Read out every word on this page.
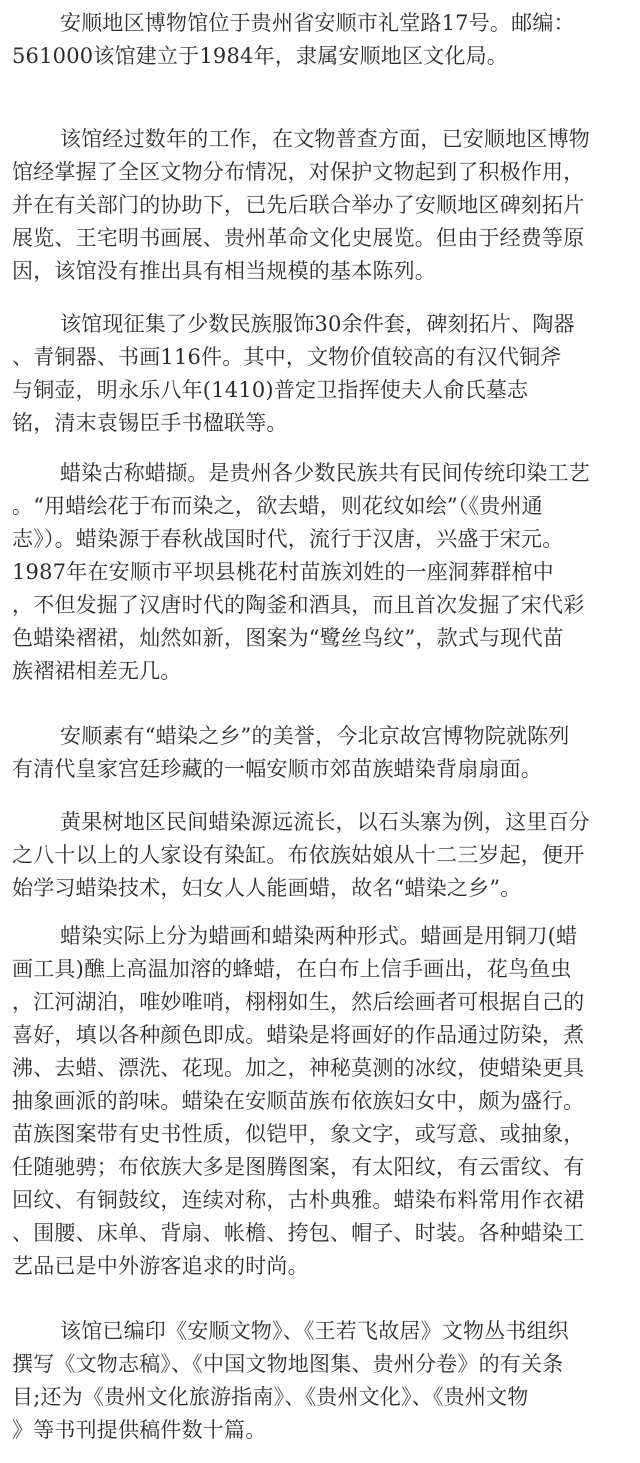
安顺地区博物馆位于贵州省安顺市礼堂路17号。邮编：
561000该馆建立于1984年，隶属安顺地区文化局。
该馆经过数年的工作，在文物普查方面，已安顺地区博物
馆经掌握了全区文物分布情况，对保护文物起到了积极作用，
并在有关部门的协助下，已先后联合举办了安顺地区碑刻拓片
展览、王宅明书画展、贵州革命文化史展览。但由于经费等原
因，该馆没有推出具有相当规模的基本陈列。
该馆现征集了少数民族服饰30余件套，碑刻拓片、陶器
、青铜器、书画116件。其中，文物价值较高的有汉代铜斧
与铜壶，明永乐八年(1410)普定卫指挥使夫人俞氏墓志
铭，清末袁锡臣手书楹联等。
蜡染古称蜡撷。是贵州各少数民族共有民间传统印染工艺
。“用蜡绘花于布而染之，欲去蜡，则花纹如绘”（《贵州通
志》）。蜡染源于春秋战国时代，流行于汉唐，兴盛于宋元。
1987年在安顺市平坝县桃花村苗族刘姓的一座洞葬群棺中
，不但发掘了汉唐时代的陶釜和酒具，而且首次发掘了宋代彩
色蜡染褶裙，灿然如新，图案为“鹭丝鸟纹”，款式与现代苗
族褶裙相差无几。
安顺素有“蜡染之乡”的美誉，今北京故宫博物院就陈列
有清代皇家宫廷珍藏的一幅安顺市郊苗族蜡染背扇扇面。
黄果树地区民间蜡染源远流长，以石头寨为例，这里百分
之八十以上的人家设有染缸。布依族姑娘从十二三岁起，便开
始学习蜡染技术，妇女人人能画蜡，故名“蜡染之乡”。
蜡染实际上分为蜡画和蜡染两种形式。蜡画是用铜刀(蜡
画工具)醮上高温加溶的蜂蜡，在白布上信手画出，花鸟鱼虫
，江河湖泊，唯妙唯哨，栩栩如生，然后绘画者可根据自己的
喜好，填以各种颜色即成。蜡染是将画好的作品通过防染，煮
沸、去蜡、漂洗、花现。加之，神秘莫测的冰纹，使蜡染更具
抽象画派的韵味。蜡染在安顺苗族布依族妇女中，颇为盛行。
苗族图案带有史书性质，似铠甲，象文字，或写意、或抽象，
任随驰骋；布依族大多是图腾图案，有太阳纹，有云雷纹、有
回纹、有铜鼓纹，连续对称，古朴典雅。蜡染布料常用作衣裙
、围腰、床单、背扇、帐檐、挎包、帽子、时装。各种蜡染工
艺品已是中外游客追求的时尚。
该馆已编印《安顺文物》、《王若飞故居》文物丛书组织
撰写《文物志稿》、《中国文物地图集、贵州分卷》的有关条
目;还为《贵州文化旅游指南》、《贵州文化》、《贵州文物
》等书刊提供稿件数十篇。
